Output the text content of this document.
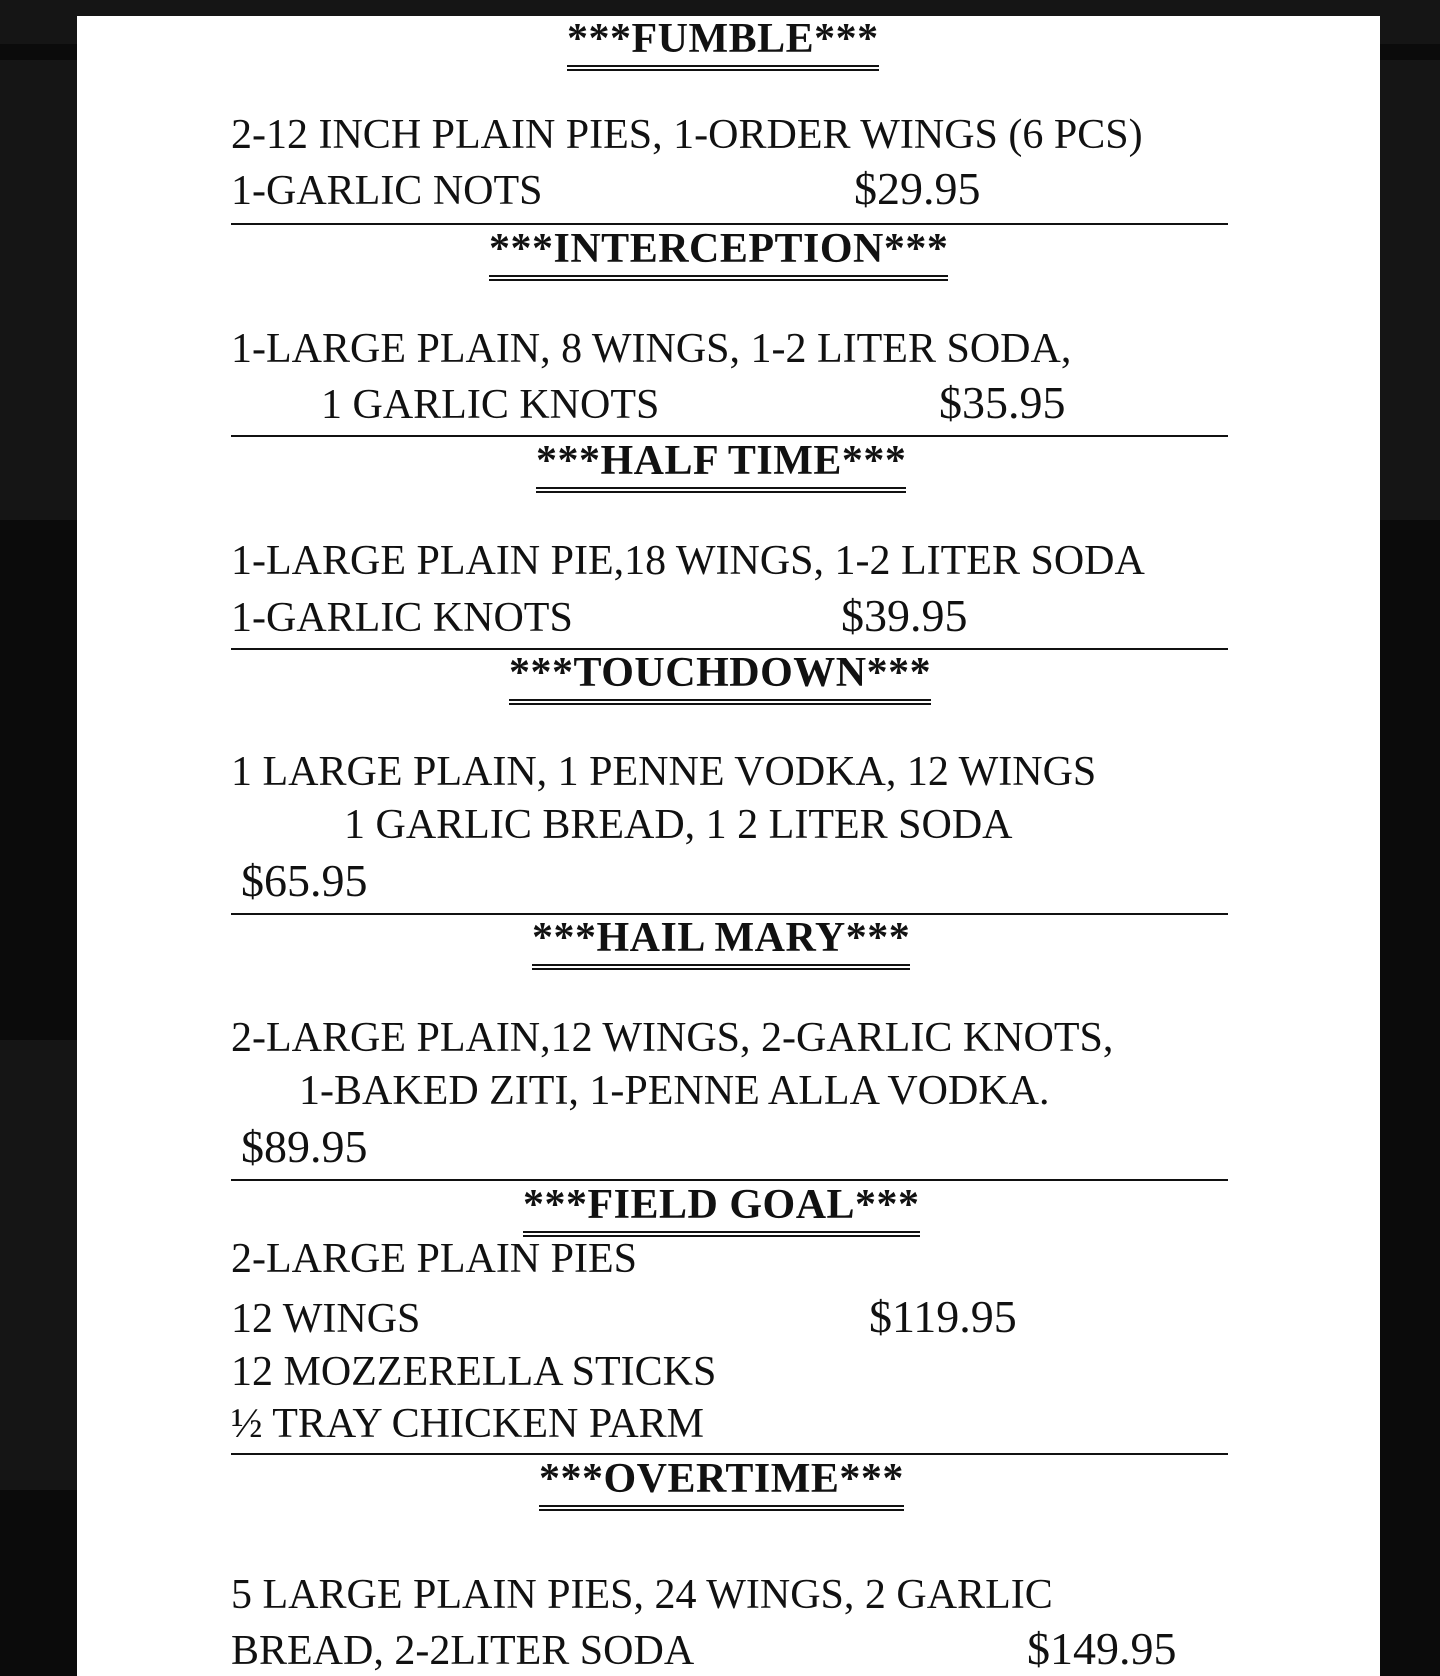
***FUMBLE***
2-12 INCH PLAIN PIES, 1-ORDER WINGS (6 PCS)
1-GARLIC NOTS	$29.95
***INTERCEPTION***
1-LARGE PLAIN, 8 WINGS, 1-2 LITER SODA,
1 GARLIC KNOTS	$35.95
***HALF TIME***
1-LARGE PLAIN PIE,18 WINGS, 1-2 LITER SODA
1-GARLIC KNOTS	$39.95
***TOUCHDOWN***
1 LARGE PLAIN, 1 PENNE VODKA, 12 WINGS
1 GARLIC BREAD, 1 2 LITER SODA
$65.95
***HAIL MARY***
2-LARGE PLAIN,12 WINGS, 2-GARLIC KNOTS,
1-BAKED ZITI, 1-PENNE ALLA VODKA.
$89.95
***FIELD GOAL***
2-LARGE PLAIN PIES
12 WINGS	$119.95
12 MOZZERELLA STICKS
½ TRAY CHICKEN PARM
***OVERTIME***
5 LARGE PLAIN PIES, 24 WINGS, 2 GARLIC
BREAD, 2-2LITER SODA	$149.95
